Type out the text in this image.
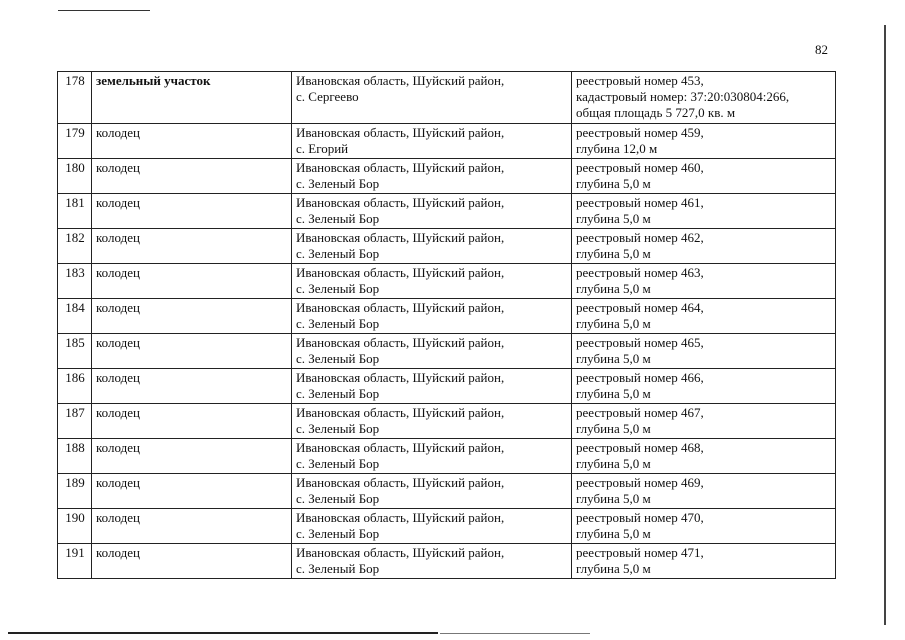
82
178	земельный участок	Ивановская область, Шуйский район,
с. Сергеево	реестровый номер 453,
кадастровый номер: 37:20:030804:266,
общая площадь 5 727,0 кв. м

179	колодец	Ивановская область, Шуйский район,
с. Егорий	реестровый номер 459,
глубина 12,0 м

180	колодец	Ивановская область, Шуйский район,
с. Зеленый Бор	реестровый номер 460,
глубина 5,0 м

181	колодец	Ивановская область, Шуйский район,
с. Зеленый Бор	реестровый номер 461,
глубина 5,0 м

182	колодец	Ивановская область, Шуйский район,
с. Зеленый Бор	реестровый номер 462,
глубина 5,0 м

183	колодец	Ивановская область, Шуйский район,
с. Зеленый Бор	реестровый номер 463,
глубина 5,0 м

184	колодец	Ивановская область, Шуйский район,
с. Зеленый Бор	реестровый номер 464,
глубина 5,0 м

185	колодец	Ивановская область, Шуйский район,
с. Зеленый Бор	реестровый номер 465,
глубина 5,0 м

186	колодец	Ивановская область, Шуйский район,
с. Зеленый Бор	реестровый номер 466,
глубина 5,0 м

187	колодец	Ивановская область, Шуйский район,
с. Зеленый Бор	реестровый номер 467,
глубина 5,0 м

188	колодец	Ивановская область, Шуйский район,
с. Зеленый Бор	реестровый номер 468,
глубина 5,0 м

189	колодец	Ивановская область, Шуйский район,
с. Зеленый Бор	реестровый номер 469,
глубина 5,0 м

190	колодец	Ивановская область, Шуйский район,
с. Зеленый Бор	реестровый номер 470,
глубина 5,0 м

191	колодец	Ивановская область, Шуйский район,
с. Зеленый Бор	реестровый номер 471,
глубина 5,0 м
